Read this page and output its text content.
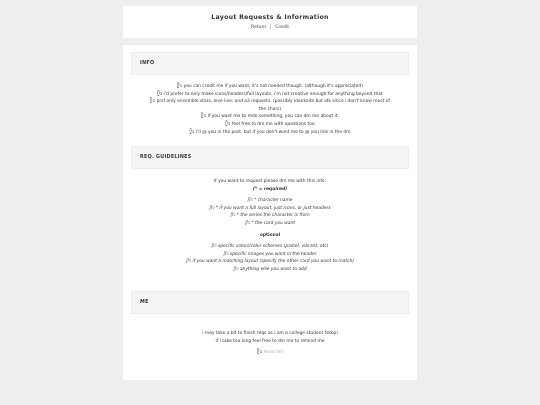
Layout Requests & Information
Return Credit
INFO
ᥫ᭡ you can credit me if you want, it's not needed though. (although it's appreciated)
ᥫ᭡ i'd prefer to only make icons/headers/full layouts. i'm not creative enough for anything beyond that
ᥫ᭡ prsf only ensemble stars, love live, and a3 requests. (possibly idenkaite but idk since i don't know most of
the chars)
ᥫ᭡ if you want me to redo something, you can dm me about it.
ᥫ᭡ feel free to dm me with questions too
ᥫ᭡ i'll @ you in the post, but if you don't want me to @ you link in the dm
REQ. GUIDELINES
if you want to request please dm me with this info:
(* = required)
ᥫ᭡ * character name
ᥫ᭡ * if you want a full layout, just icons, or just headers
ᥫ᭡ * the series the character is from
ᥫ᭡ * the card you want
optional
ᥫ᭡ specific colors/color schemes (pastel, vibrant, etc)
ᥫ᭡ specific images you want in the header
ᥫ᭡ if you want a matching layout (specify the other card you want to match)
ᥫ᭡ anything else you want to add
ME
i may take a bit to finish reqs as i am a college student fskbjn
if i take too long feel free to dm me to remind me
ᥫ᭡ main tell
